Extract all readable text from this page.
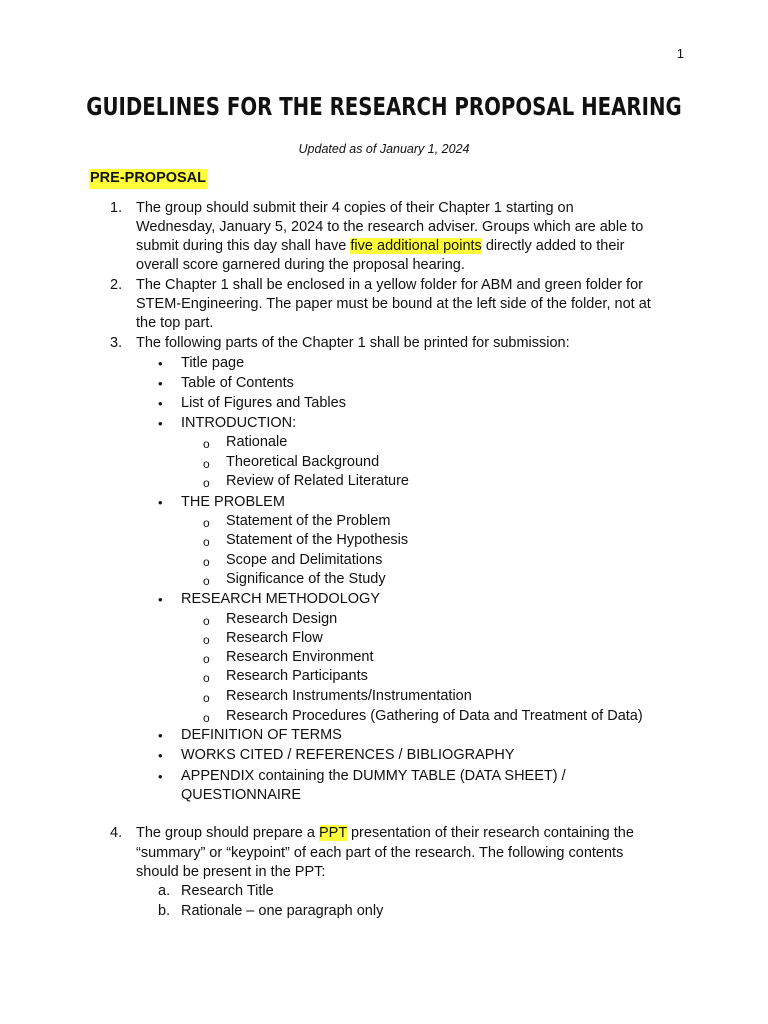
1
GUIDELINES FOR THE RESEARCH PROPOSAL HEARING
Updated as of January 1, 2024
PRE-PROPOSAL
1. The group should submit their 4 copies of their Chapter 1 starting on
Wednesday, January 5, 2024 to the research adviser. Groups which are able to
submit during this day shall have five additional points directly added to their
overall score garnered during the proposal hearing.
2. The Chapter 1 shall be enclosed in a yellow folder for ABM and green folder for
STEM-Engineering. The paper must be bound at the left side of the folder, not at
the top part.
3. The following parts of the Chapter 1 shall be printed for submission:
• Title page
• Table of Contents
• List of Figures and Tables
• INTRODUCTION:
o Rationale
o Theoretical Background
o Review of Related Literature
• THE PROBLEM
o Statement of the Problem
o Statement of the Hypothesis
o Scope and Delimitations
o Significance of the Study
• RESEARCH METHODOLOGY
o Research Design
o Research Flow
o Research Environment
o Research Participants
o Research Instruments/Instrumentation
o Research Procedures (Gathering of Data and Treatment of Data)
• DEFINITION OF TERMS
• WORKS CITED / REFERENCES / BIBLIOGRAPHY
• APPENDIX containing the DUMMY TABLE (DATA SHEET) /
QUESTIONNAIRE
4. The group should prepare a PPT presentation of their research containing the
“summary” or “keypoint” of each part of the research. The following contents
should be present in the PPT:
a. Research Title
b. Rationale – one paragraph only
